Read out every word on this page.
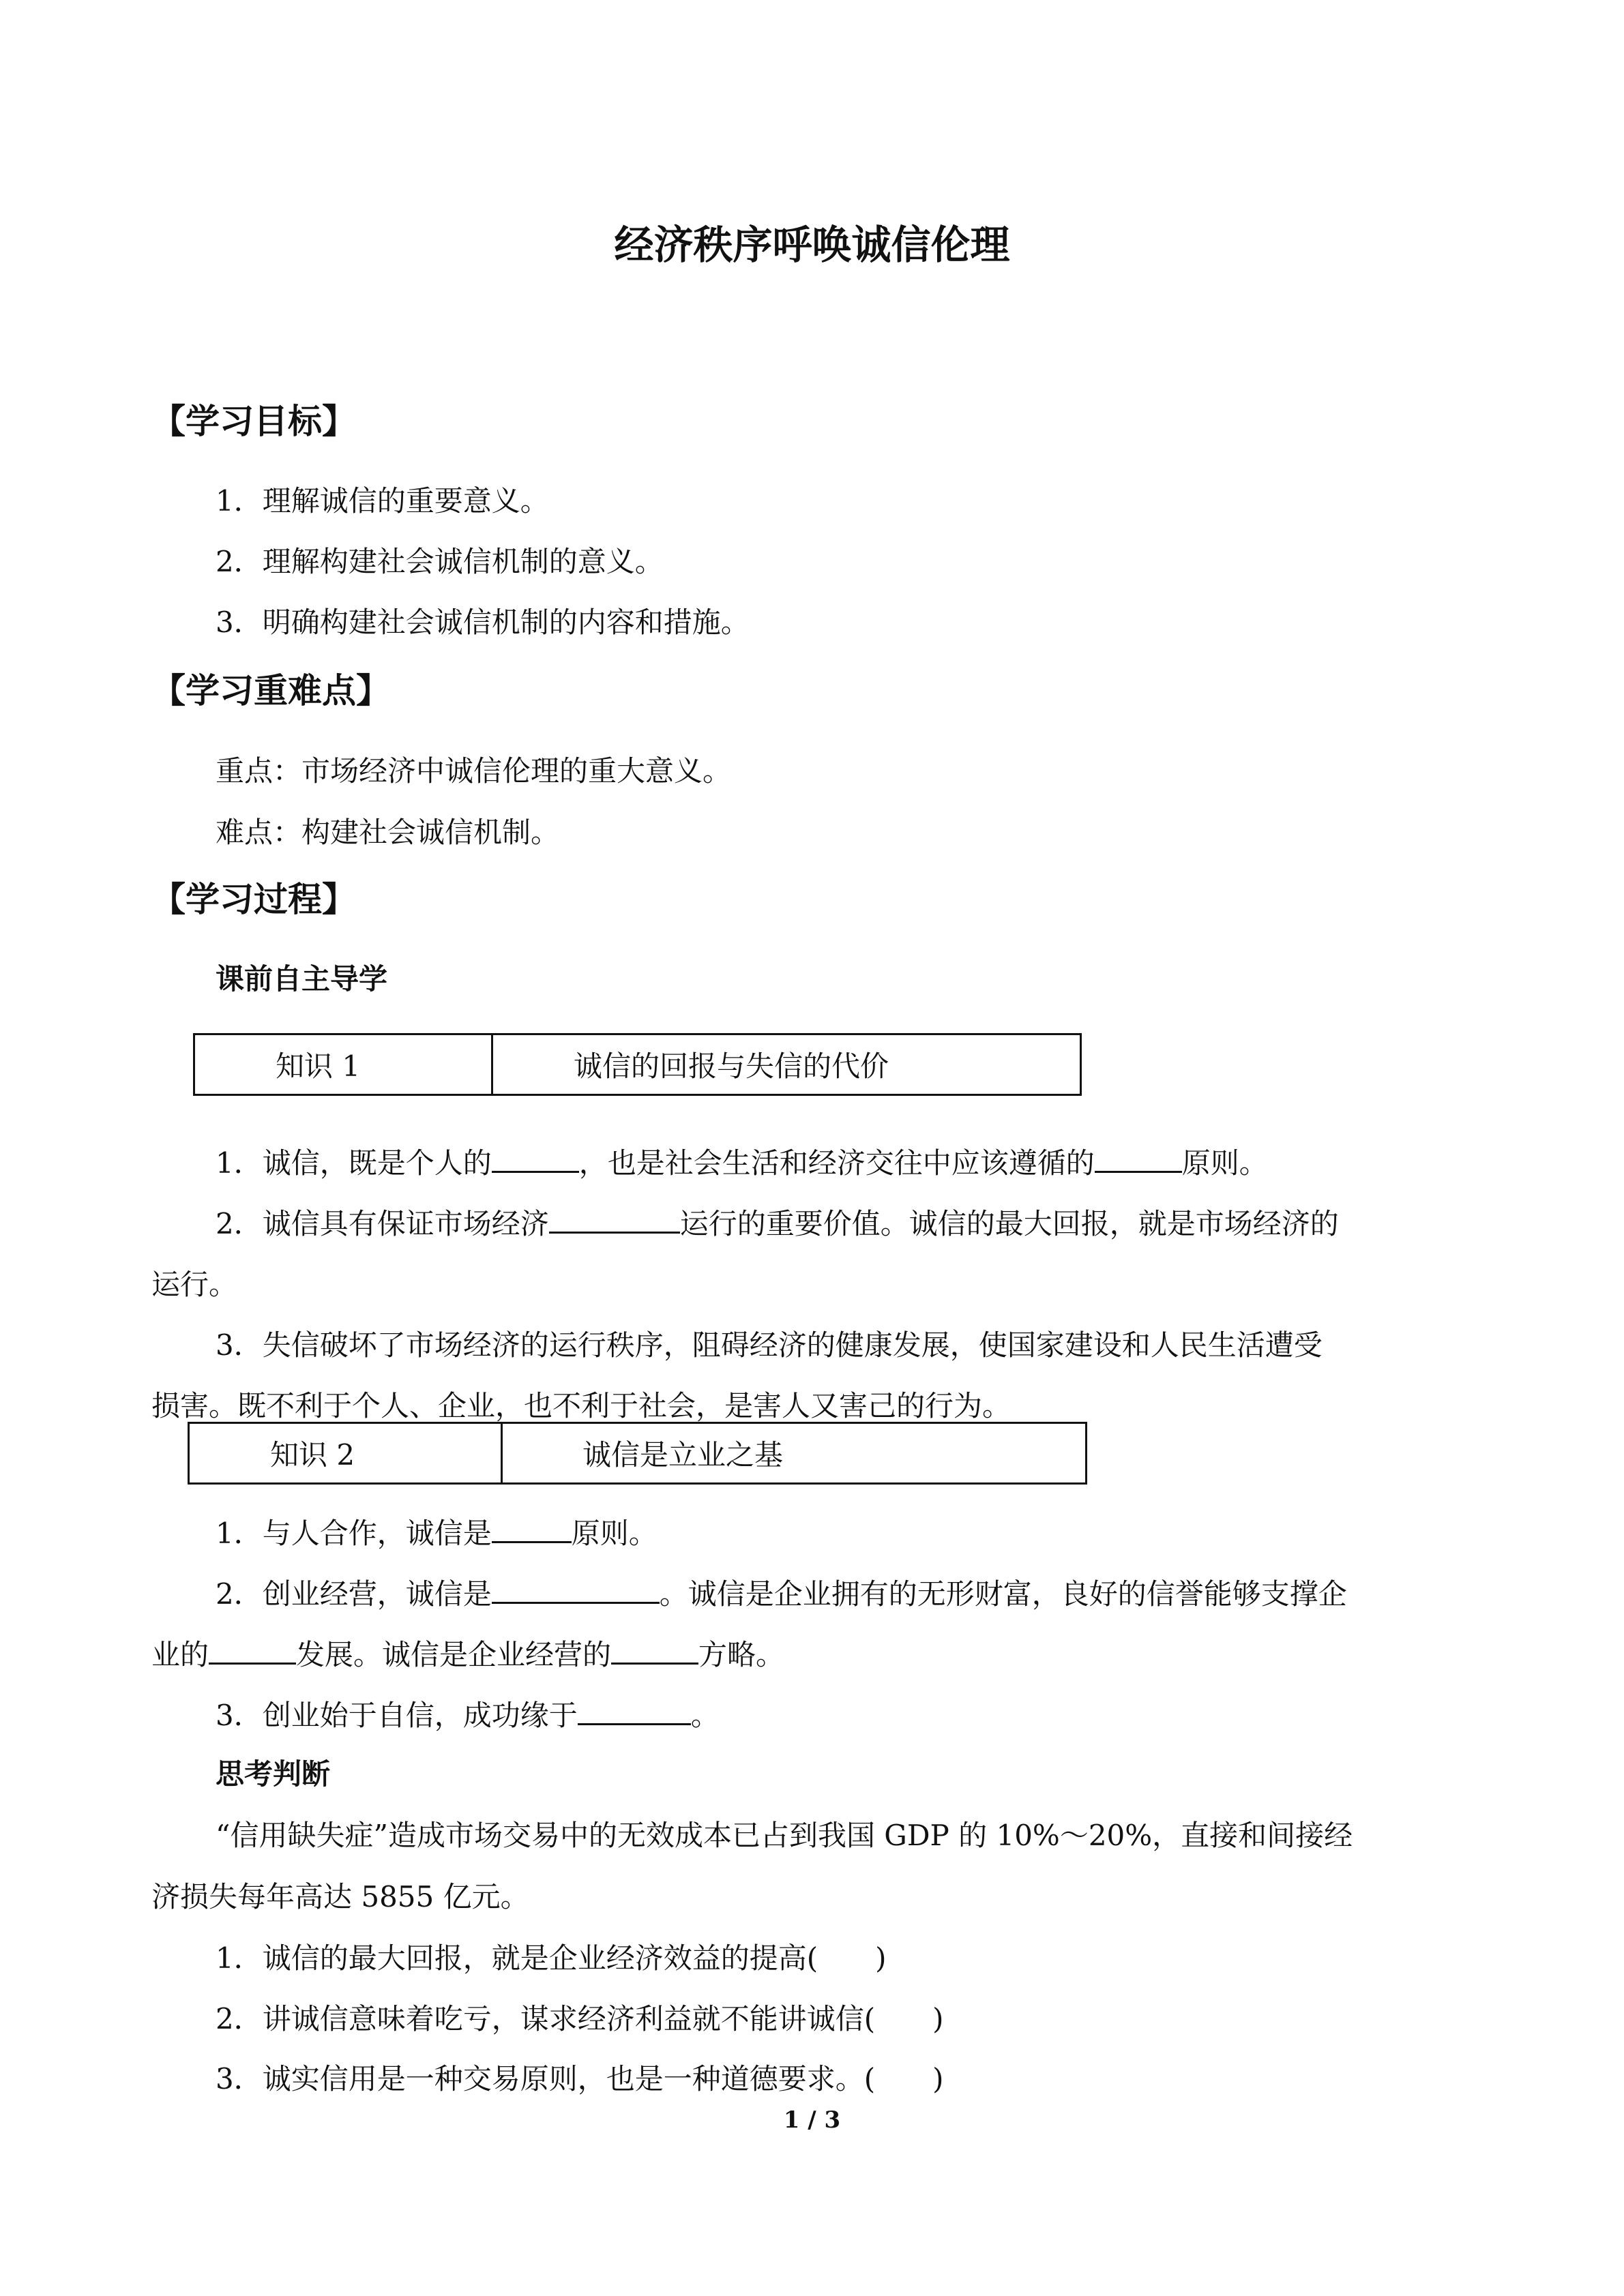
经济秩序呼唤诚信伦理
【学习目标】
1．理解诚信的重要意义。
2．理解构建社会诚信机制的意义。
3．明确构建社会诚信机制的内容和措施。
【学习重难点】
重点：市场经济中诚信伦理的重大意义。
难点：构建社会诚信机制。
【学习过程】
课前自主导学
知识 1	诚信的回报与失信的代价
1．诚信，既是个人的	，也是社会生活和经济交往中应该遵循的	原则。
2．诚信具有保证市场经济	运行的重要价值。诚信的最大回报，就是市场经济的
运行。
3．失信破坏了市场经济的运行秩序，阻碍经济的健康发展，使国家建设和人民生活遭受
损害。既不利于个人、企业，也不利于社会，是害人又害己的行为。
知识 2	诚信是立业之基
1．与人合作，诚信是	原则。
2．创业经营，诚信是	。诚信是企业拥有的无形财富，良好的信誉能够支撑企
业的	发展。诚信是企业经营的	方略。
3．创业始于自信，成功缘于	。
思考判断
“信用缺失症”造成市场交易中的无效成本已占到我国 GDP 的 10%～20%，直接和间接经
济损失每年高达 5855 亿元。
1．诚信的最大回报，就是企业经济效益的提高(　　)
2．讲诚信意味着吃亏，谋求经济利益就不能讲诚信(　　)
3．诚实信用是一种交易原则，也是一种道德要求。(　　)
1 / 3
